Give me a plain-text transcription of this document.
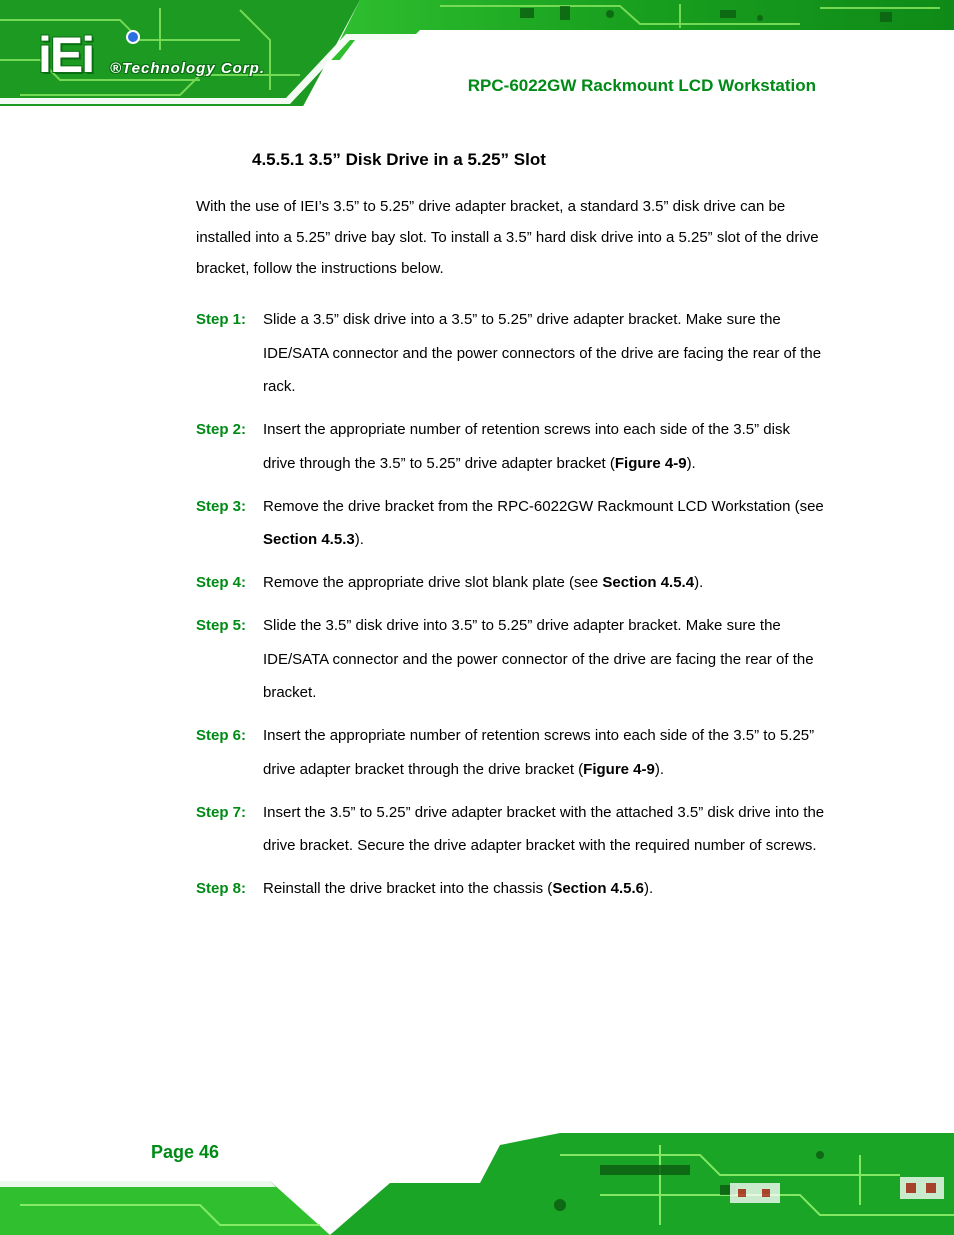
iEi ®Technology Corp.
RPC-6022GW Rackmount LCD Workstation
4.5.5.1 3.5” Disk Drive in a 5.25” Slot

With the use of IEI’s 3.5” to 5.25” drive adapter bracket, a standard 3.5” disk drive can be installed into a 5.25” drive bay slot. To install a 3.5” hard disk drive into a 5.25” slot of the drive bracket, follow the instructions below.

Step 1: Slide a 3.5” disk drive into a 3.5” to 5.25” drive adapter bracket. Make sure the IDE/SATA connector and the power connectors of the drive are facing the rear of the rack.
Step 2: Insert the appropriate number of retention screws into each side of the 3.5” disk drive through the 3.5” to 5.25” drive adapter bracket (Figure 4-9).
Step 3: Remove the drive bracket from the RPC-6022GW Rackmount LCD Workstation (see Section 4.5.3).
Step 4: Remove the appropriate drive slot blank plate (see Section 4.5.4).
Step 5: Slide the 3.5” disk drive into 3.5” to 5.25” drive adapter bracket. Make sure the IDE/SATA connector and the power connector of the drive are facing the rear of the bracket.
Step 6: Insert the appropriate number of retention screws into each side of the 3.5” to 5.25” drive adapter bracket through the drive bracket (Figure 4-9).
Step 7: Insert the 3.5” to 5.25” drive adapter bracket with the attached 3.5” disk drive into the drive bracket. Secure the drive adapter bracket with the required number of screws.
Step 8: Reinstall the drive bracket into the chassis (Section 4.5.6).
Page 46
